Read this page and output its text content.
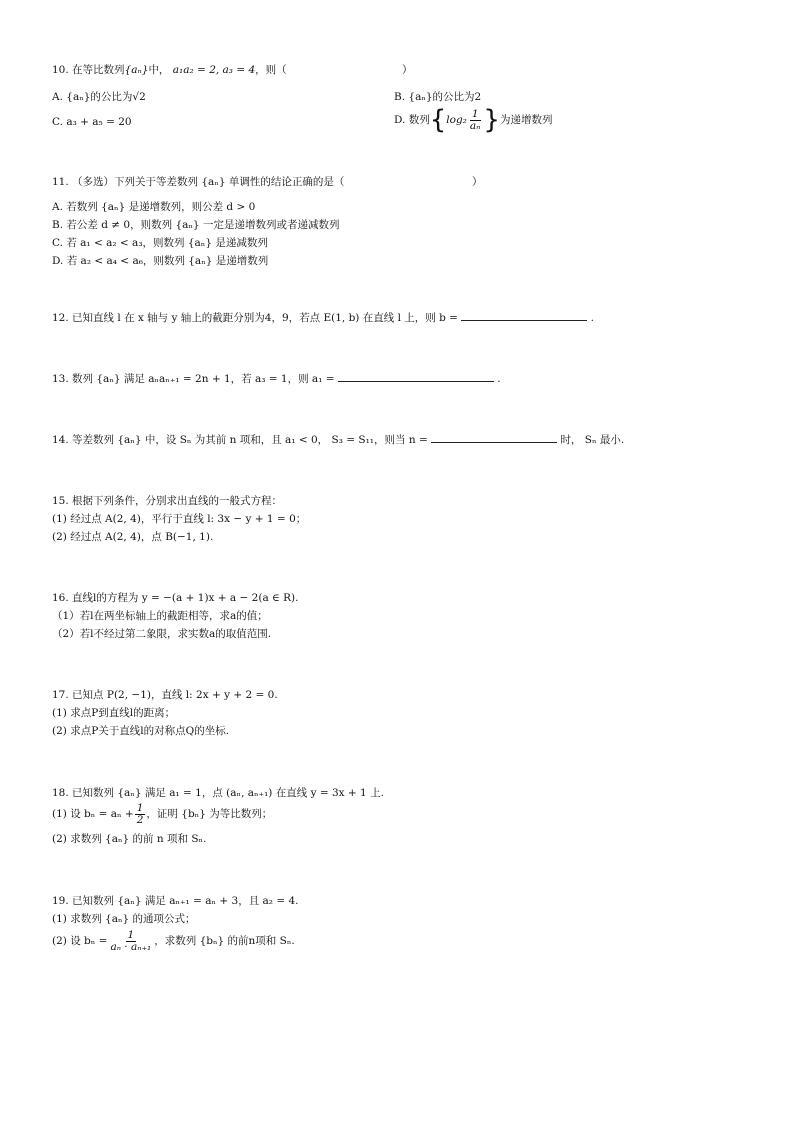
10. 在等比数列{aₙ}中， a₁a₂ = 2, a₃ = 4，则（	）
A. {aₙ}的公比为√2	B. {aₙ}的公比为2
C. a₃ + a₅ = 20	D. 数列{$\log_2 \frac{1}{\text{aₙ}}$ }为递增数列
11. （多选）下列关于等差数列 {aₙ} 单调性的结论正确的是（	）
A. 若数列 {aₙ} 是递增数列，则公差 d > 0
B. 若公差 d ≠ 0，则数列 {aₙ} 一定是递增数列或者递减数列
C. 若 a₁ < a₂ < a₃，则数列 {aₙ} 是递减数列
D. 若 a₂ < a₄ < a₆，则数列 {aₙ} 是递增数列
12. 已知直线 l 在 x 轴与 y 轴上的截距分别为4，9，若点 E(1, b) 在直线 l 上，则 b =	.
13. 数列 {aₙ} 满足 aₙaₙ₊₁ = 2n + 1，若 a₃ = 1，则 a₁ =	.
14. 等差数列 {aₙ} 中，设 Sₙ 为其前 n 项和，且 a₁ < 0， S₃ = S₁₁，则当 n =	时， Sₙ 最小.
15. 根据下列条件，分别求出直线的一般式方程：
(1) 经过点 A(2, 4)，平行于直线 l: 3x − y + 1 = 0；
(2) 经过点 A(2, 4)，点 B(−1, 1).
16. 直线l的方程为 y = −(a + 1)x + a − 2(a ∈ R).
（1）若l在两坐标轴上的截距相等，求a的值；
（2）若l不经过第二象限，求实数a的取值范围.
17. 已知点 P(2, −1)，直线 l: 2x + y + 2 = 0.
(1) 求点P到直线l的距离；
(2) 求点P关于直线l的对称点Q的坐标.
18. 已知数列 {aₙ} 满足 a₁ = 1，点 (aₙ, aₙ₊₁) 在直线 y = 3x + 1 上.
(1) 设 $b_n = a_n + \frac{1}{2}$ ，证明 {bₙ} 为等比数列；
(2) 求数列 {aₙ} 的前 n 项和 Sₙ.
19. 已知数列 {aₙ} 满足 aₙ₊₁ = aₙ + 3，且 a₂ = 4.
(1) 求数列 {aₙ} 的通项公式；
(2) 设 $b_n = \frac{1}{\text{aₙ · aₙ₊₁}}$ ，求数列 {bₙ} 的前n项和 Sₙ.
